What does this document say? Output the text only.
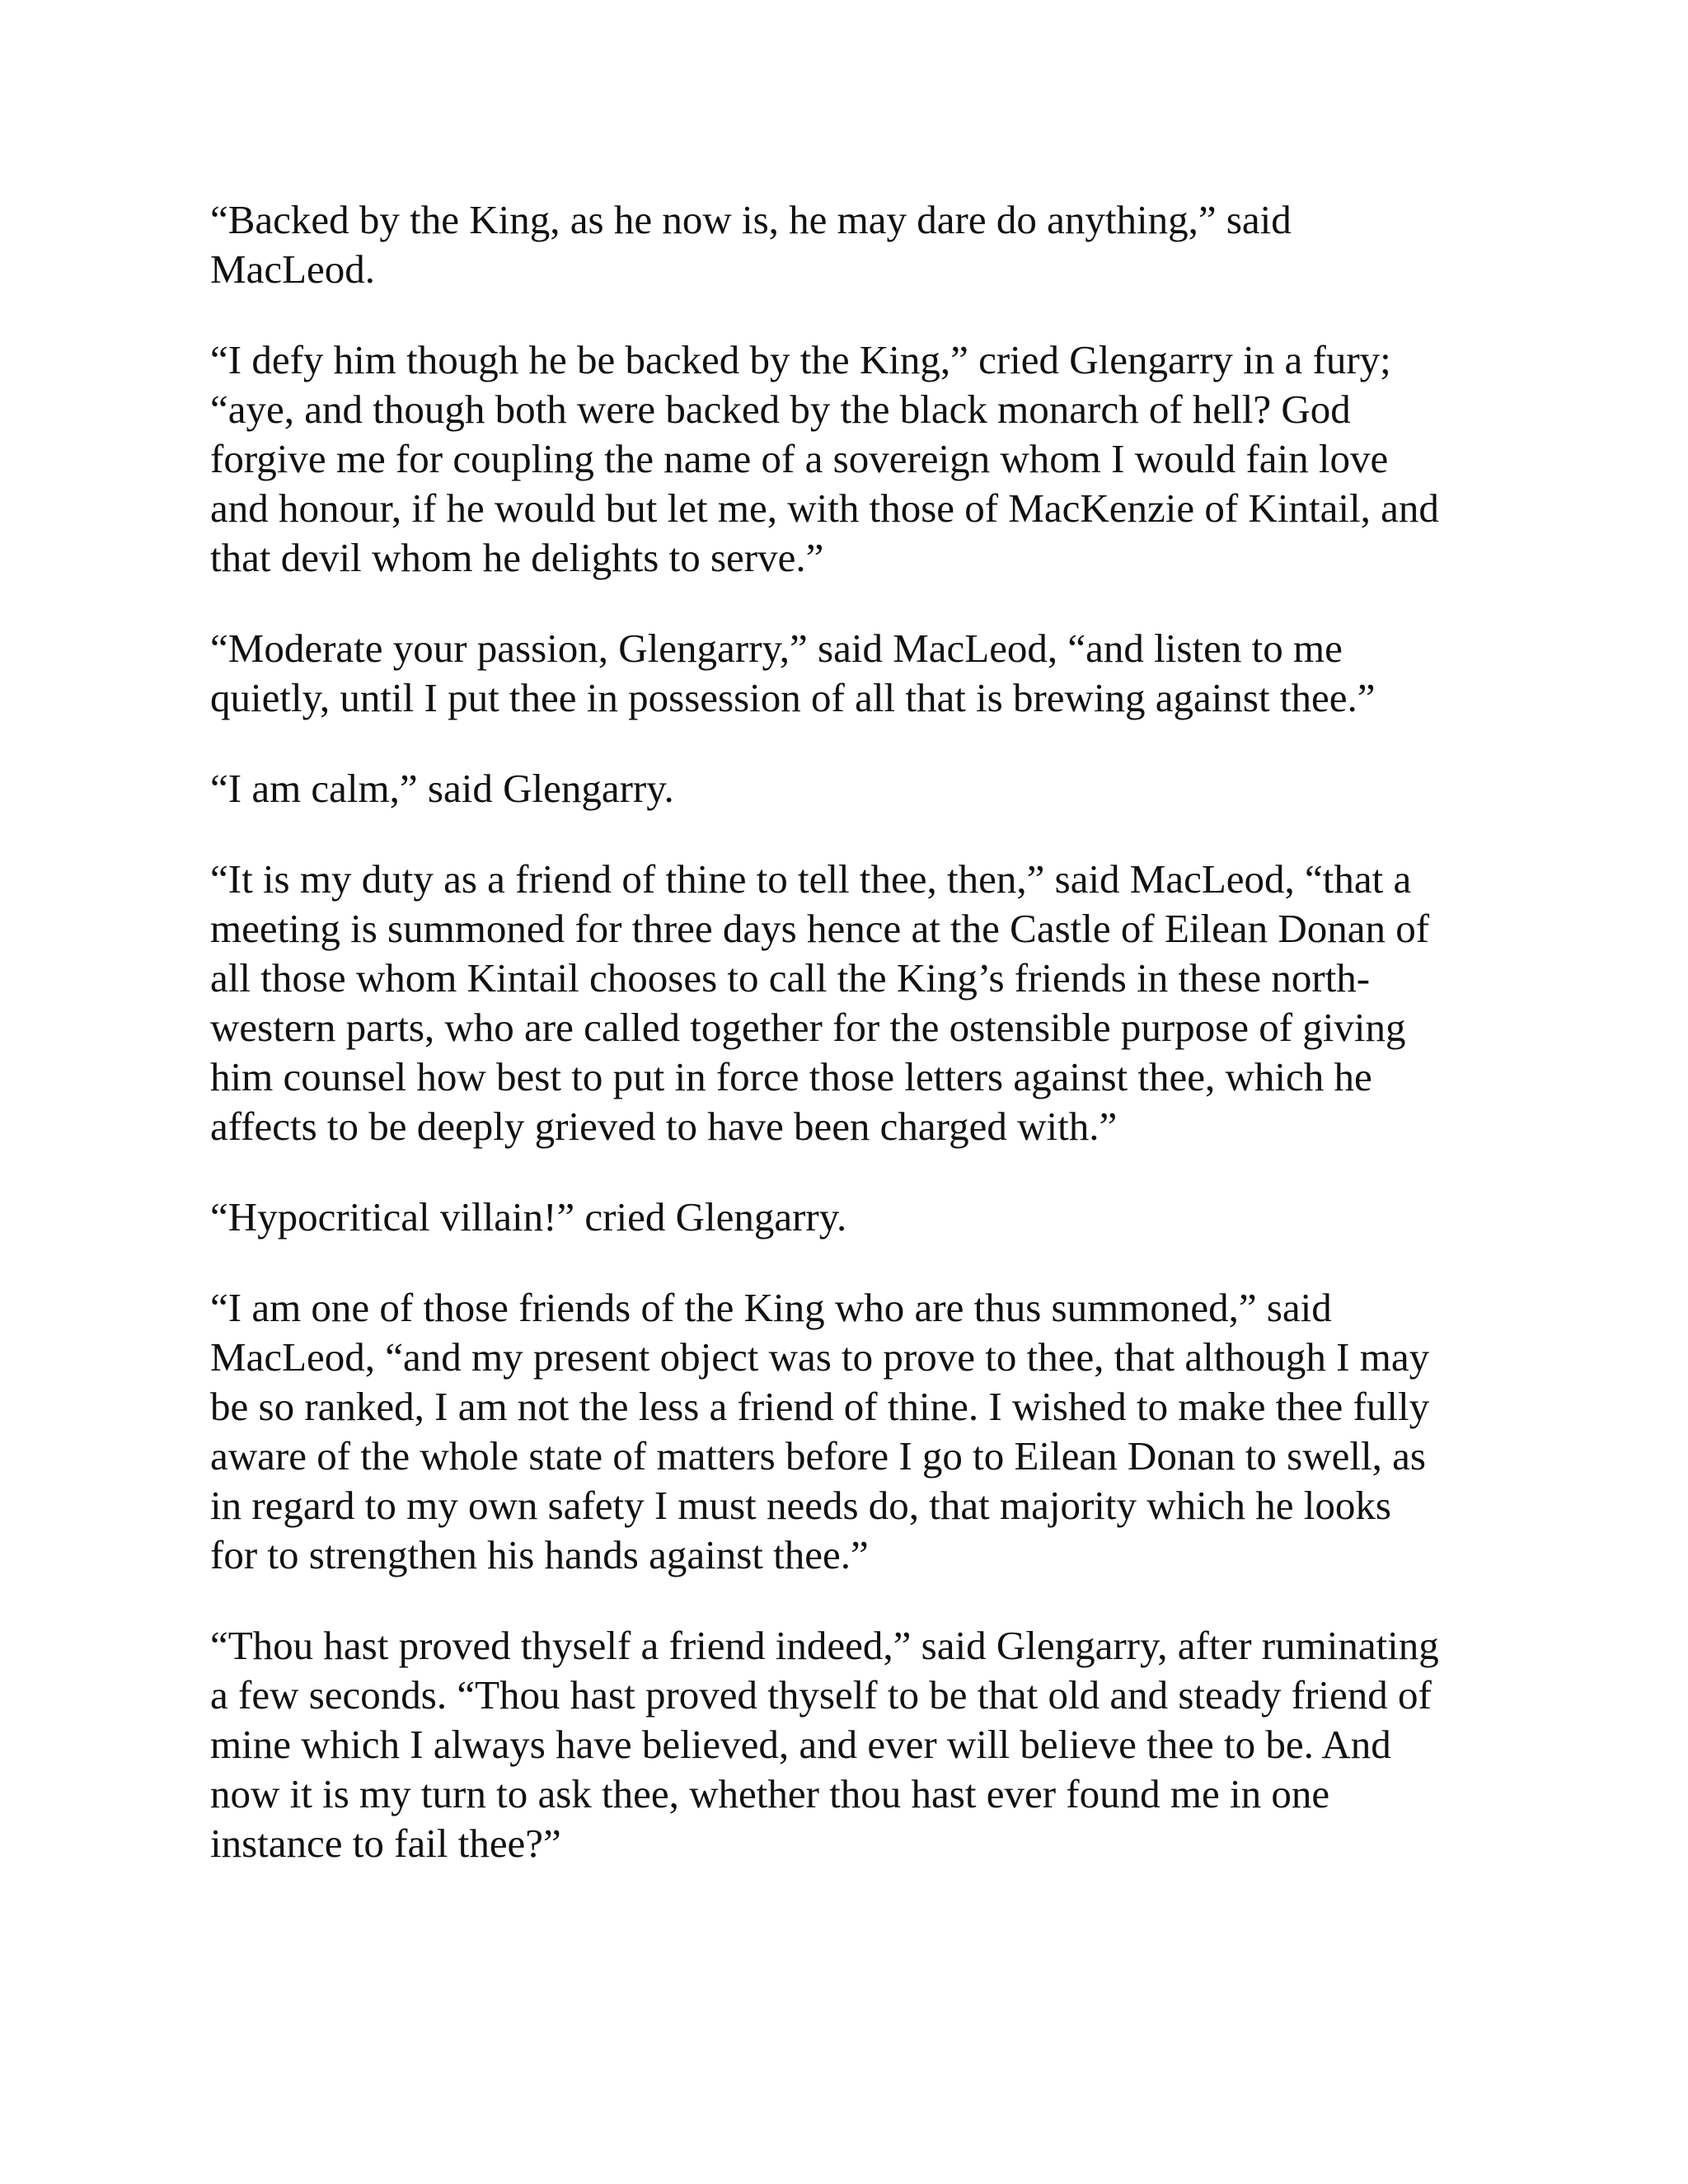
“Backed by the King, as he now is, he may dare do anything,” said
MacLeod.

“I defy him though he be backed by the King,” cried Glengarry in a fury;
“aye, and though both were backed by the black monarch of hell? God
forgive me for coupling the name of a sovereign whom I would fain love
and honour, if he would but let me, with those of MacKenzie of Kintail, and
that devil whom he delights to serve.”

“Moderate your passion, Glengarry,” said MacLeod, “and listen to me
quietly, until I put thee in possession of all that is brewing against thee.”

“I am calm,” said Glengarry.

“It is my duty as a friend of thine to tell thee, then,” said MacLeod, “that a
meeting is summoned for three days hence at the Castle of Eilean Donan of
all those whom Kintail chooses to call the King’s friends in these north-
western parts, who are called together for the ostensible purpose of giving
him counsel how best to put in force those letters against thee, which he
affects to be deeply grieved to have been charged with.”

“Hypocritical villain!” cried Glengarry.

“I am one of those friends of the King who are thus summoned,” said
MacLeod, “and my present object was to prove to thee, that although I may
be so ranked, I am not the less a friend of thine. I wished to make thee fully
aware of the whole state of matters before I go to Eilean Donan to swell, as
in regard to my own safety I must needs do, that majority which he looks
for to strengthen his hands against thee.”

“Thou hast proved thyself a friend indeed,” said Glengarry, after ruminating
a few seconds. “Thou hast proved thyself to be that old and steady friend of
mine which I always have believed, and ever will believe thee to be. And
now it is my turn to ask thee, whether thou hast ever found me in one
instance to fail thee?”
